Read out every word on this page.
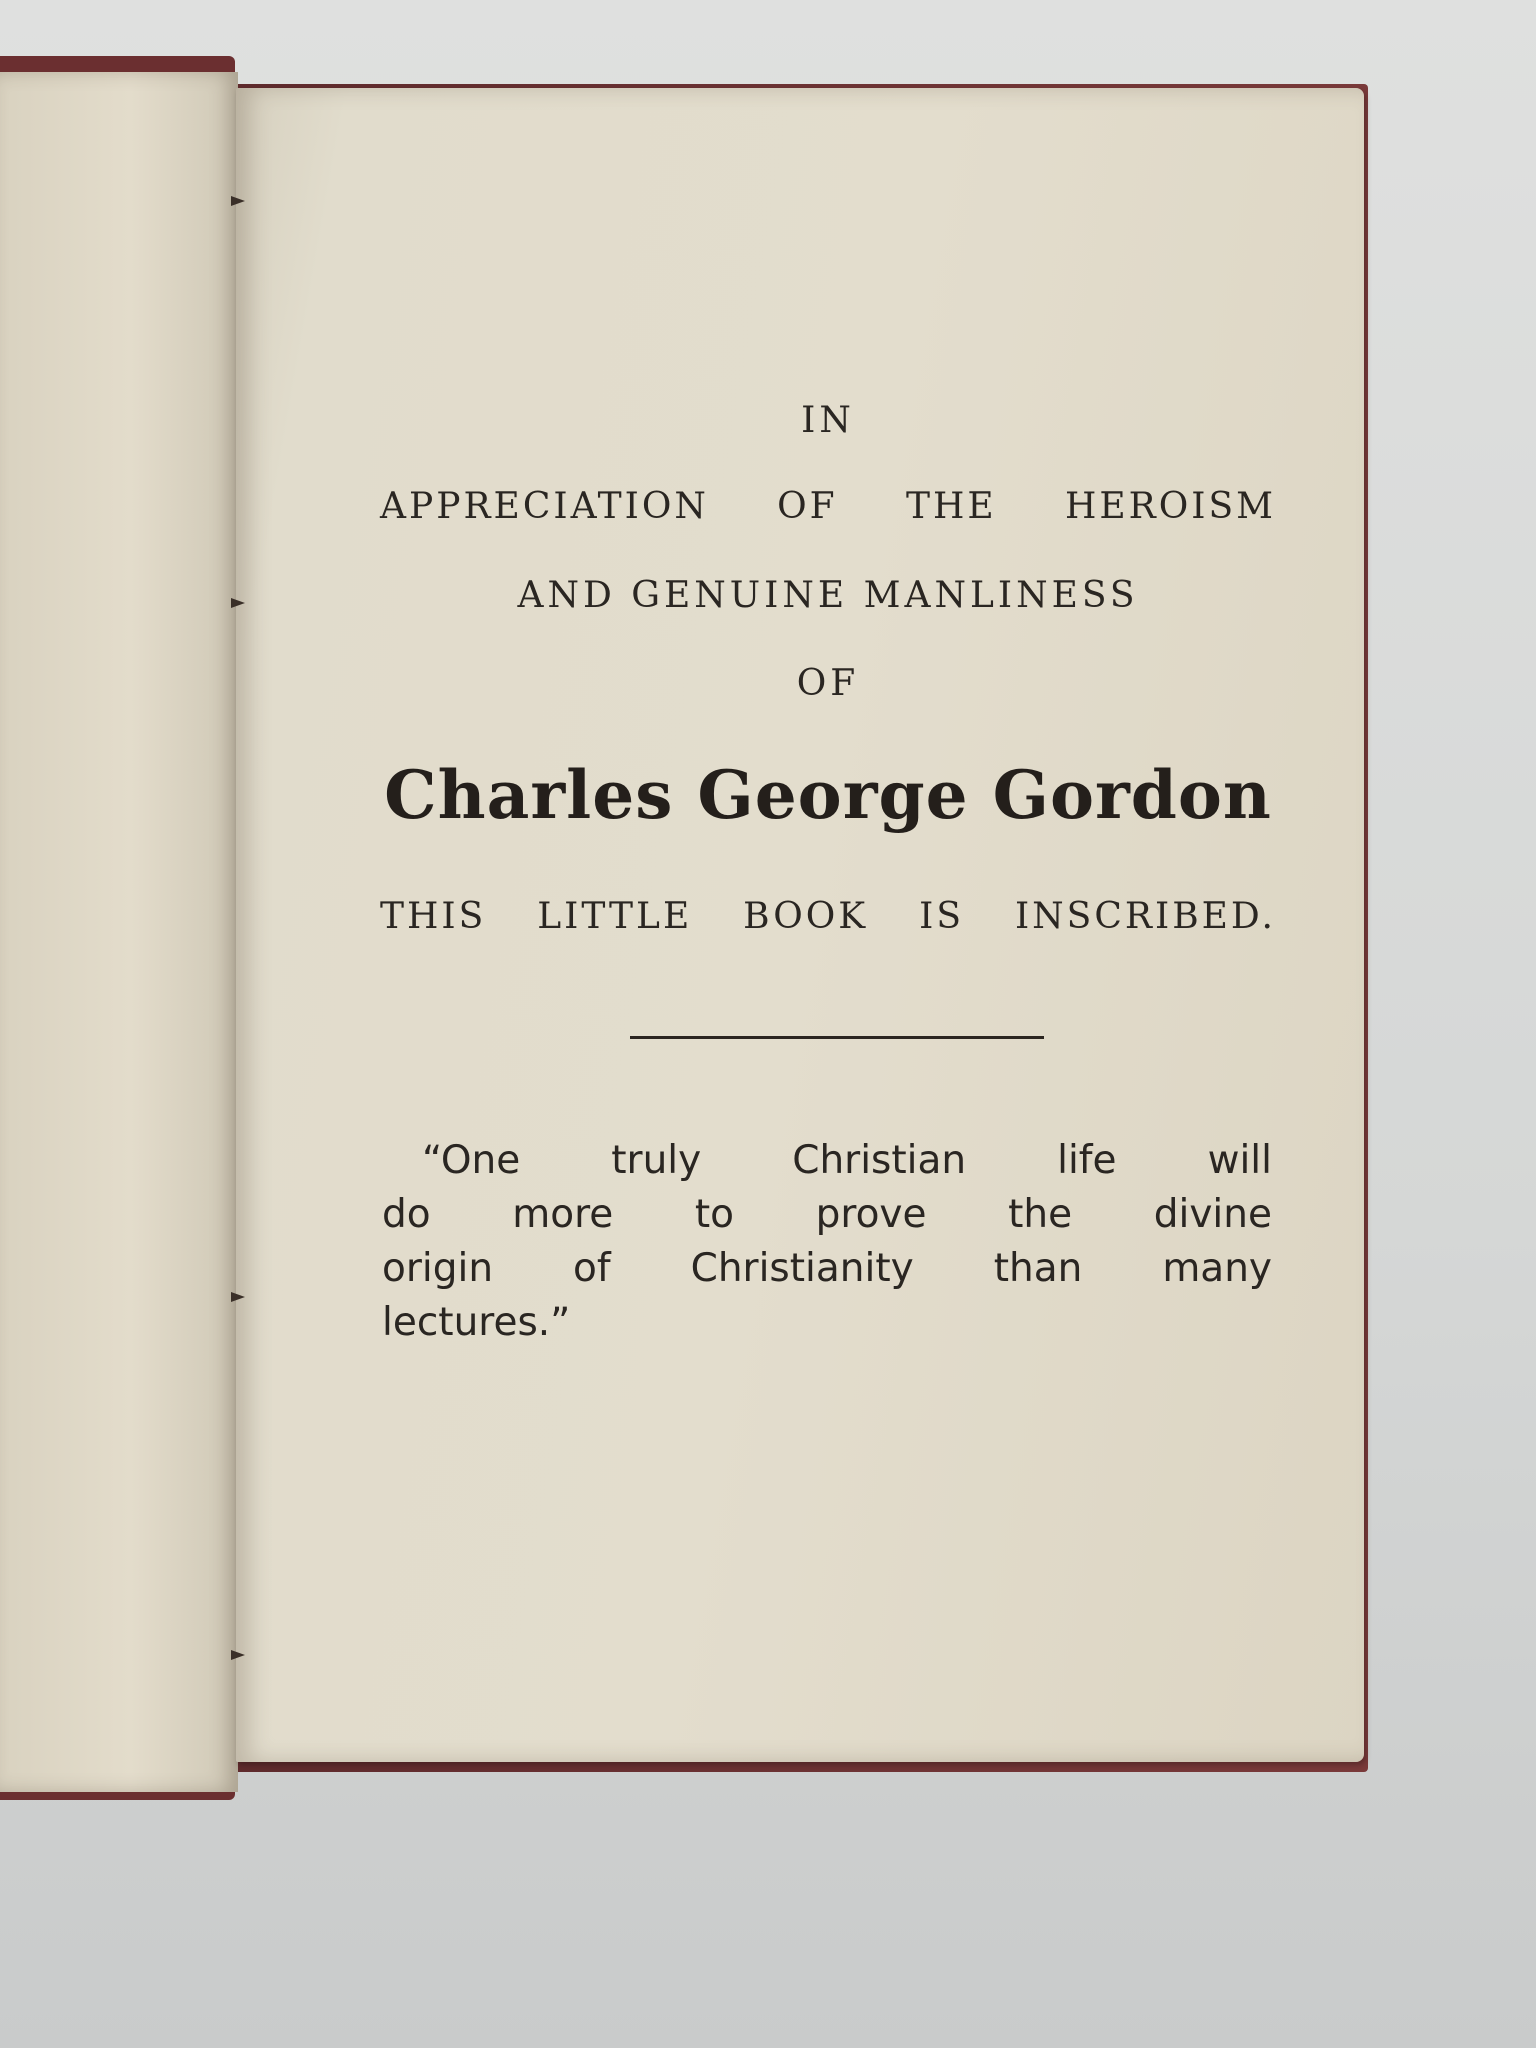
IN
APPRECIATION OF THE HEROISM
AND GENUINE MANLINESS
OF
Charles George Gordon
THIS LITTLE BOOK IS INSCRIBED.
“One truly Christian life will
do more to prove the divine
origin of Christianity than many
lectures.”
